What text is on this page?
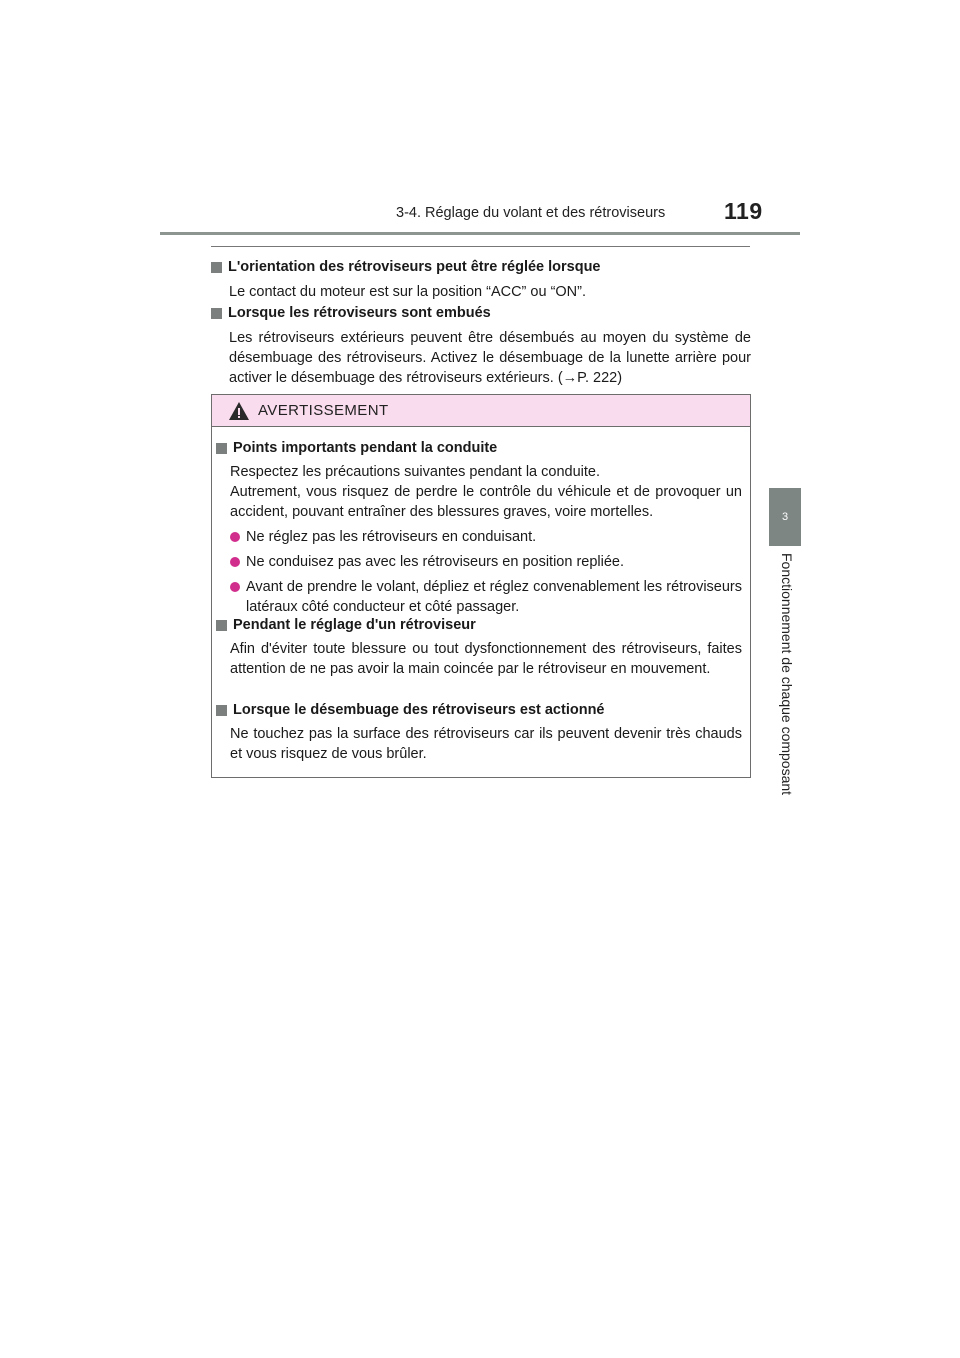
3-4. Réglage du volant et des rétroviseurs	119
3
Fonctionnement de chaque composant
L'orientation des rétroviseurs peut être réglée lorsque
Le contact du moteur est sur la position “ACC” ou “ON”.
Lorsque les rétroviseurs sont embués
Les rétroviseurs extérieurs peuvent être désembués au moyen du système de désembuage des rétroviseurs. Activez le désembuage de la lunette arrière pour activer le désembuage des rétroviseurs extérieurs. (→P. 222)
AVERTISSEMENT
Points importants pendant la conduite
Respectez les précautions suivantes pendant la conduite.
Autrement, vous risquez de perdre le contrôle du véhicule et de provoquer un accident, pouvant entraîner des blessures graves, voire mortelles.
Ne réglez pas les rétroviseurs en conduisant.
Ne conduisez pas avec les rétroviseurs en position repliée.
Avant de prendre le volant, dépliez et réglez convenablement les rétroviseurs latéraux côté conducteur et côté passager.
Pendant le réglage d'un rétroviseur
Afin d'éviter toute blessure ou tout dysfonctionnement des rétroviseurs, faites attention de ne pas avoir la main coincée par le rétroviseur en mouvement.
Lorsque le désembuage des rétroviseurs est actionné
Ne touchez pas la surface des rétroviseurs car ils peuvent devenir très chauds et vous risquez de vous brûler.
